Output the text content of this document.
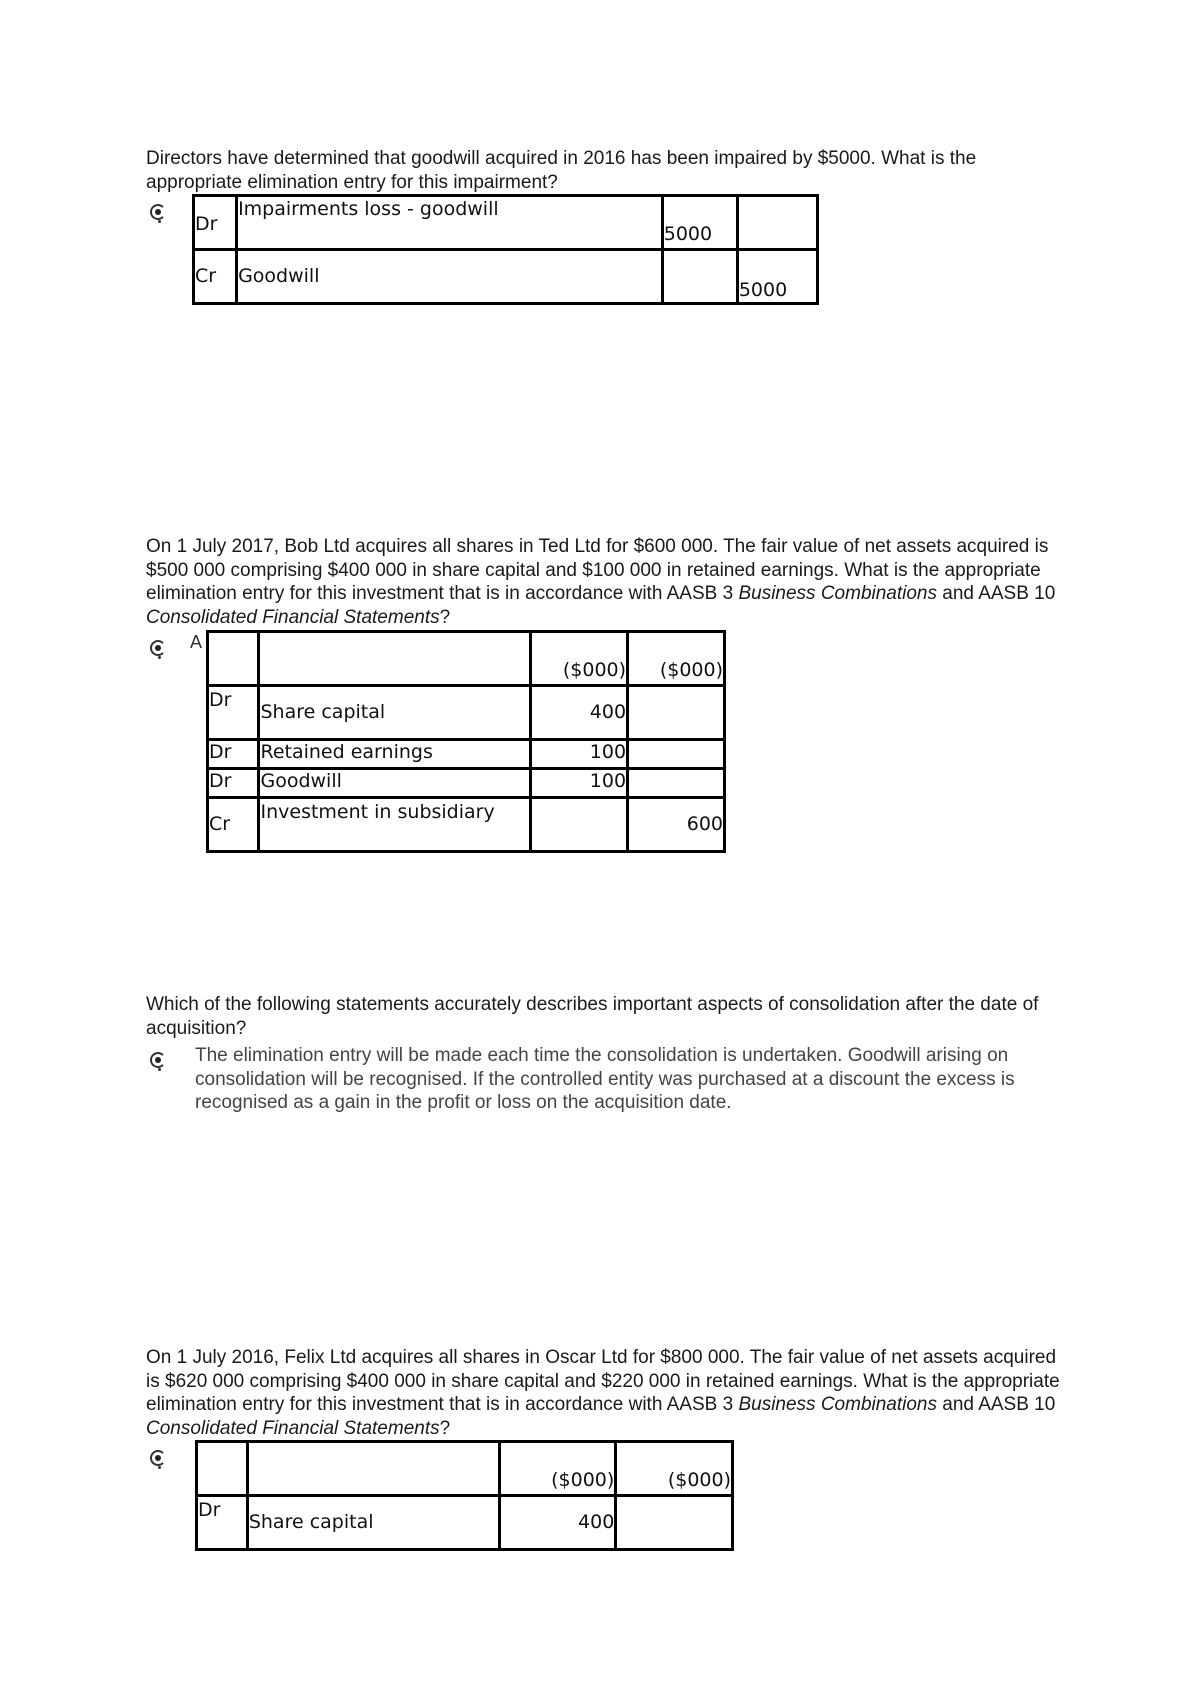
Directors have determined that goodwill acquired in 2016 has been impaired by $5000. What is the appropriate elimination entry for this impairment?
Dr	Impairments loss - goodwill	5000	
Cr	Goodwill		5000
On 1 July 2017, Bob Ltd acquires all shares in Ted Ltd for $600 000. The fair value of net assets acquired is $500 000 comprising $400 000 in share capital and $100 000 in retained earnings. What is the appropriate elimination entry for this investment that is in accordance with AASB 3 Business Combinations and AASB 10 Consolidated Financial Statements?
A
		($000)	($000)
Dr	Share capital	400	
Dr	Retained earnings	100	
Dr	Goodwill	100	
Cr	Investment in subsidiary		600
Which of the following statements accurately describes important aspects of consolidation after the date of acquisition?
The elimination entry will be made each time the consolidation is undertaken. Goodwill arising on consolidation will be recognised. If the controlled entity was purchased at a discount the excess is recognised as a gain in the profit or loss on the acquisition date.
On 1 July 2016, Felix Ltd acquires all shares in Oscar Ltd for $800 000. The fair value of net assets acquired is $620 000 comprising $400 000 in share capital and $220 000 in retained earnings. What is the appropriate elimination entry for this investment that is in accordance with AASB 3 Business Combinations and AASB 10 Consolidated Financial Statements?
		($000)	($000)
Dr	Share capital	400	
